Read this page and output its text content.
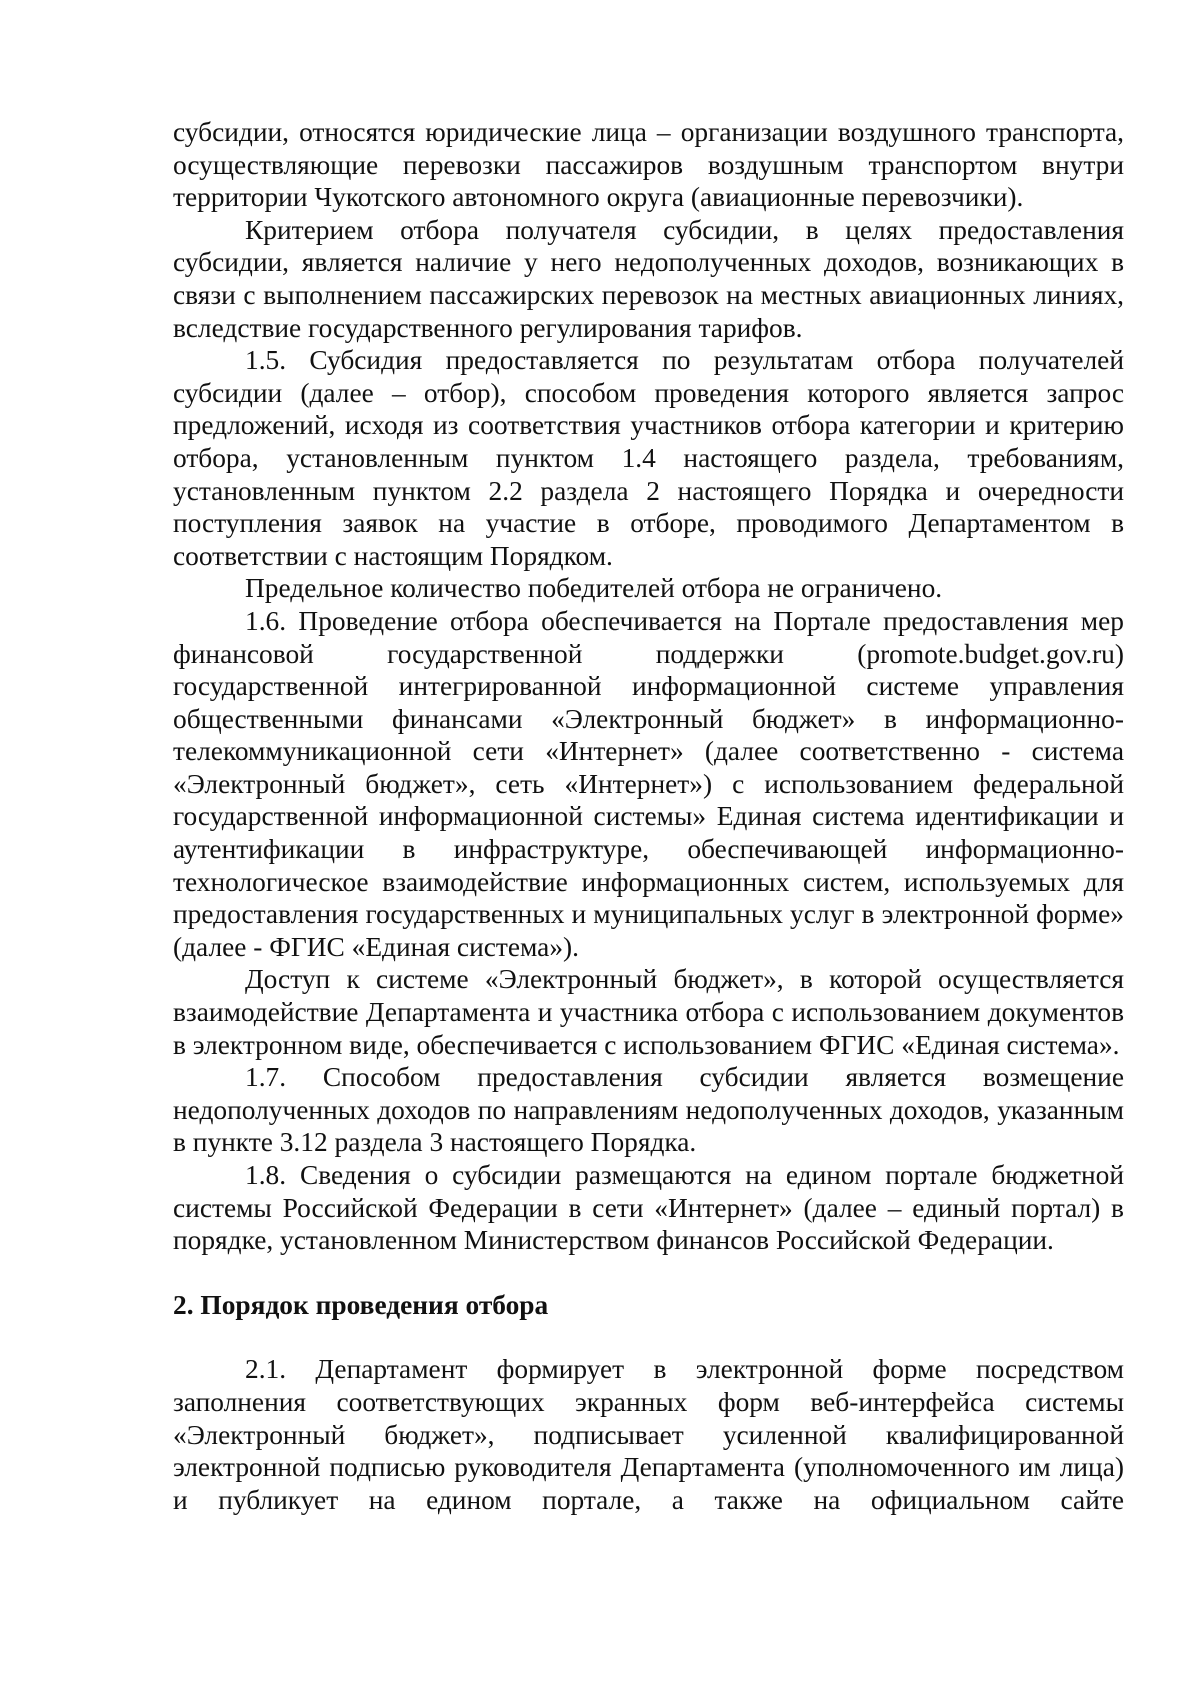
субсидии, относятся юридические лица – организации воздушного транспорта, осуществляющие перевозки пассажиров воздушным транспортом внутри территории Чукотского автономного округа (авиационные перевозчики).

Критерием отбора получателя субсидии, в целях предоставления субсидии, является наличие у него недополученных доходов, возникающих в связи с выполнением пассажирских перевозок на местных авиационных линиях, вследствие государственного регулирования тарифов.

1.5. Субсидия предоставляется по результатам отбора получателей субсидии (далее – отбор), способом проведения которого является запрос предложений, исходя из соответствия участников отбора категории и критерию отбора, установленным пунктом 1.4 настоящего раздела, требованиям, установленным пунктом 2.2 раздела 2 настоящего Порядка и очередности поступления заявок на участие в отборе, проводимого Департаментом в соответствии с настоящим Порядком.

Предельное количество победителей отбора не ограничено.

1.6. Проведение отбора обеспечивается на Портале предоставления мер финансовой государственной поддержки (promote.budget.gov.ru) государственной интегрированной информационной системе управления общественными финансами «Электронный бюджет» в информационно-телекоммуникационной сети «Интернет» (далее соответственно - система «Электронный бюджет», сеть «Интернет») с использованием федеральной государственной информационной системы» Единая система идентификации и аутентификации в инфраструктуре, обеспечивающей информационно-технологическое взаимодействие информационных систем, используемых для предоставления государственных и муниципальных услуг в электронной форме» (далее - ФГИС «Единая система»).

Доступ к системе «Электронный бюджет», в которой осуществляется взаимодействие Департамента и участника отбора с использованием документов в электронном виде, обеспечивается с использованием ФГИС «Единая система».

1.7. Способом предоставления субсидии является возмещение недополученных доходов по направлениям недополученных доходов, указанным в пункте 3.12 раздела 3 настоящего Порядка.

1.8. Сведения о субсидии размещаются на едином портале бюджетной системы Российской Федерации в сети «Интернет» (далее – единый портал) в порядке, установленном Министерством финансов Российской Федерации.

2. Порядок проведения отбора

2.1. Департамент формирует в электронной форме посредством заполнения соответствующих экранных форм веб-интерфейса системы «Электронный бюджет», подписывает усиленной квалифицированной электронной подписью руководителя Департамента (уполномоченного им лица) и публикует на едином портале, а также на официальном сайте
